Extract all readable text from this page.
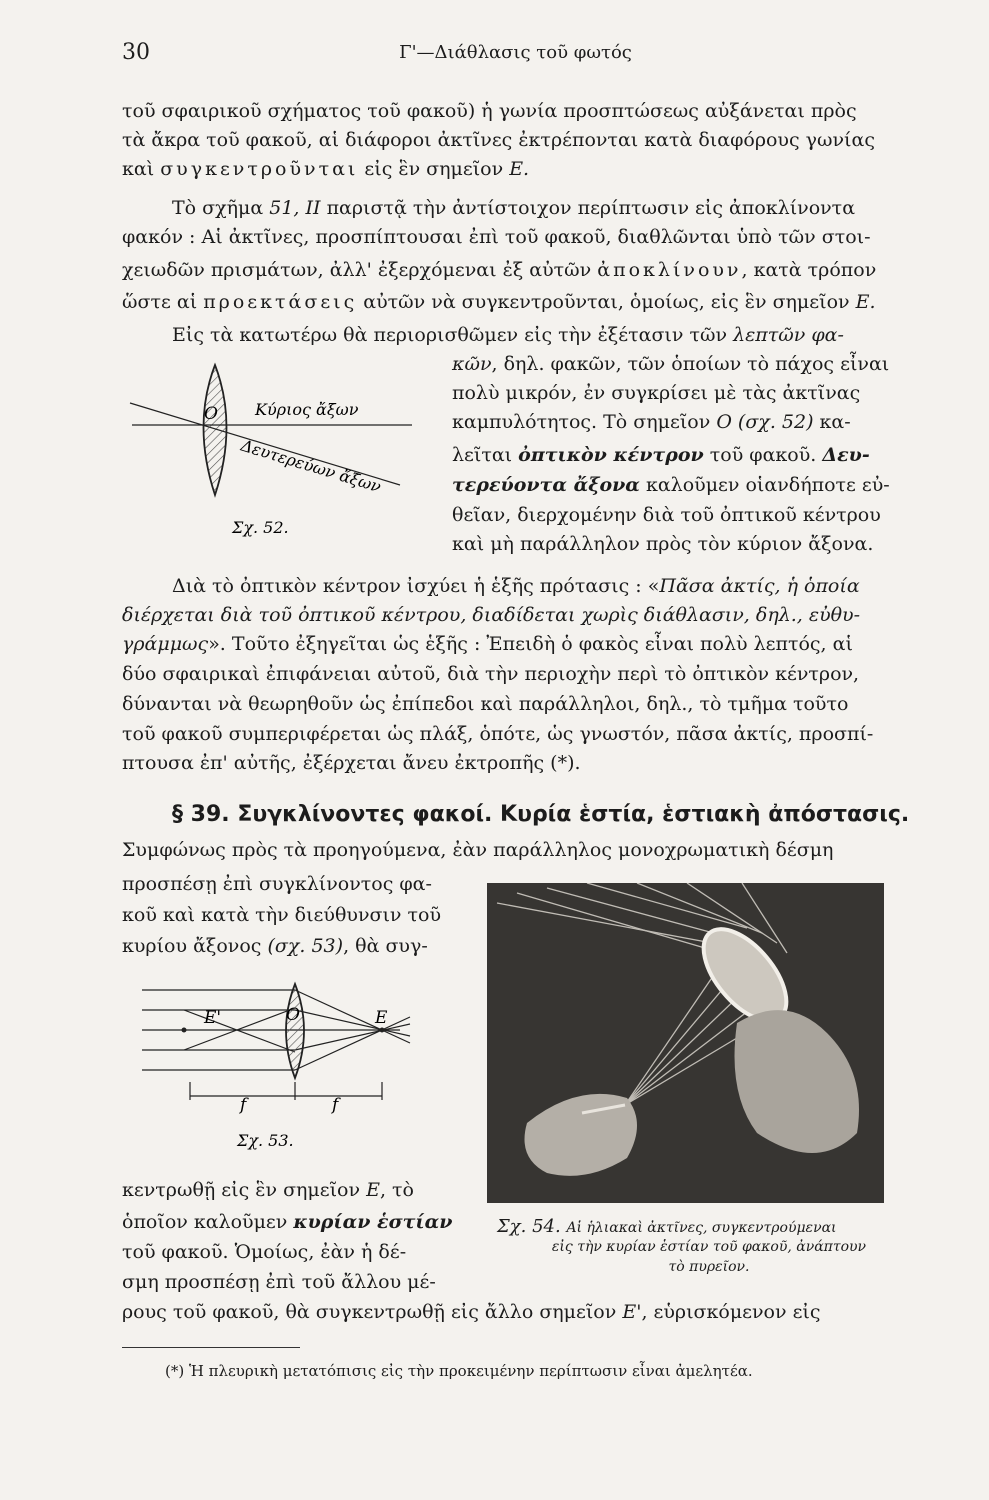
30	Γ'—Διάθλασις τοῦ φωτός
τοῦ σφαιρικοῦ σχήματος τοῦ φακοῦ) ἡ γωνία προσπτώσεως αὐξάνεται πρὸς
τὰ ἄκρα τοῦ φακοῦ, αἱ διάφοροι ἀκτῖνες ἐκτρέπονται κατὰ διαφόρους γωνίας
καὶ συγκεντροῦνται εἰς ἓν σημεῖον E.
Τὸ σχῆμα 51, II παριστᾷ τὴν ἀντίστοιχον περίπτωσιν εἰς ἀποκλίνοντα
φακόν : Αἱ ἀκτῖνες, προσπίπτουσαι ἐπὶ τοῦ φακοῦ, διαθλῶνται ὑπὸ τῶν στοι-
χειωδῶν πρισμάτων, ἀλλ' ἐξερχόμεναι ἐξ αὐτῶν ἀποκλίνουν, κατὰ τρόπον
ὥστε αἱ προεκτάσεις αὐτῶν νὰ συγκεντροῦνται, ὁμοίως, εἰς ἓν σημεῖον E.
Εἰς τὰ κατωτέρω θὰ περιορισθῶμεν εἰς τὴν ἐξέτασιν τῶν λεπτῶν φα-
κῶν, δηλ. φακῶν, τῶν ὁποίων τὸ πάχος εἶναι
πολὺ μικρόν, ἐν συγκρίσει μὲ τὰς ἀκτῖνας
καμπυλότητος. Τὸ σημεῖον O (σχ. 52) κα-
λεῖται ὀπτικὸν κέντρον τοῦ φακοῦ. Δευ-
τερεύοντα ἄξονα καλοῦμεν οἱανδήποτε εὐ-
θεῖαν, διερχομένην διὰ τοῦ ὀπτικοῦ κέντρου
καὶ μὴ παράλληλον πρὸς τὸν κύριον ἄξονα.
O Κύριος ἄξων
Δευτερεύων ἄξων
Σχ. 52.
Διὰ τὸ ὀπτικὸν κέντρον ἰσχύει ἡ ἑξῆς πρότασις : «Πᾶσα ἀκτίς, ἡ ὁποία
διέρχεται διὰ τοῦ ὀπτικοῦ κέντρου, διαδίδεται χωρὶς διάθλασιν, δηλ., εὐθυ-
γράμμως». Τοῦτο ἐξηγεῖται ὡς ἑξῆς : Ἐπειδὴ ὁ φακὸς εἶναι πολὺ λεπτός, αἱ
δύο σφαιρικαὶ ἐπιφάνειαι αὐτοῦ, διὰ τὴν περιοχὴν περὶ τὸ ὀπτικὸν κέντρον,
δύνανται νὰ θεωρηθοῦν ὡς ἐπίπεδοι καὶ παράλληλοι, δηλ., τὸ τμῆμα τοῦτο
τοῦ φακοῦ συμπεριφέρεται ὡς πλάξ, ὁπότε, ὡς γνωστόν, πᾶσα ἀκτίς, προσπί-
πτουσα ἐπ' αὐτῆς, ἐξέρχεται ἄνευ ἐκτροπῆς (*).
§ 39. Συγκλίνοντες φακοί. Κυρία ἑστία, ἑστιακὴ ἀπόστασις.
Συμφώνως πρὸς τὰ προηγούμενα, ἐὰν παράλληλος μονοχρωματικὴ δέσμη
προσπέσῃ ἐπὶ συγκλίνοντος φα-
κοῦ καὶ κατὰ τὴν διεύθυνσιν τοῦ
κυρίου ἄξονος (σχ. 53), θὰ συγ-
E'	O	E
f	f
Σχ. 53.
Σχ. 54. Αἱ ἡλιακαὶ ἀκτῖνες, συγκεντρούμεναι
εἰς τὴν κυρίαν ἑστίαν τοῦ φακοῦ, ἀνάπτουν
τὸ πυρεῖον.
κεντρωθῇ εἰς ἓν σημεῖον E, τὸ
ὁποῖον καλοῦμεν κυρίαν ἑστίαν
τοῦ φακοῦ. Ὁμοίως, ἐὰν ἡ δέ-
σμη προσπέσῃ ἐπὶ τοῦ ἄλλου μέ-
ρους τοῦ φακοῦ, θὰ συγκεντρωθῇ εἰς ἄλλο σημεῖον E', εὑρισκόμενον εἰς
(*) Ἡ πλευρικὴ μετατόπισις εἰς τὴν προκειμένην περίπτωσιν εἶναι ἀμελητέα.
